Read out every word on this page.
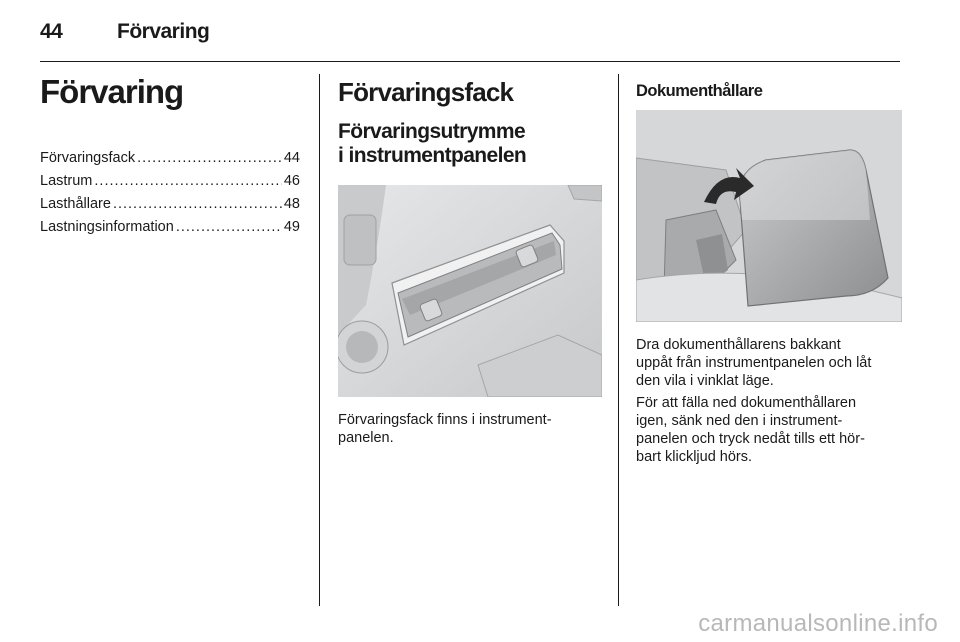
44	Förvaring
Förvaring
Förvaringsfack .....	44
Lastrum .....	46
Lasthållare .....	48
Lastningsinformation .....	49
Förvaringsfack
Förvaringsutrymme
i instrumentpanelen

Förvaringsfack finns i instrument-
panelen.

Dokumenthållare

Dra dokumenthållarens bakkant
uppåt från instrumentpanelen och låt
den vila i vinklat läge.

För att fälla ned dokumenthållaren
igen, sänk ned den i instrument-
panelen och tryck nedåt tills ett hör-
bart klickljud hörs.

carmanualsonline.info
